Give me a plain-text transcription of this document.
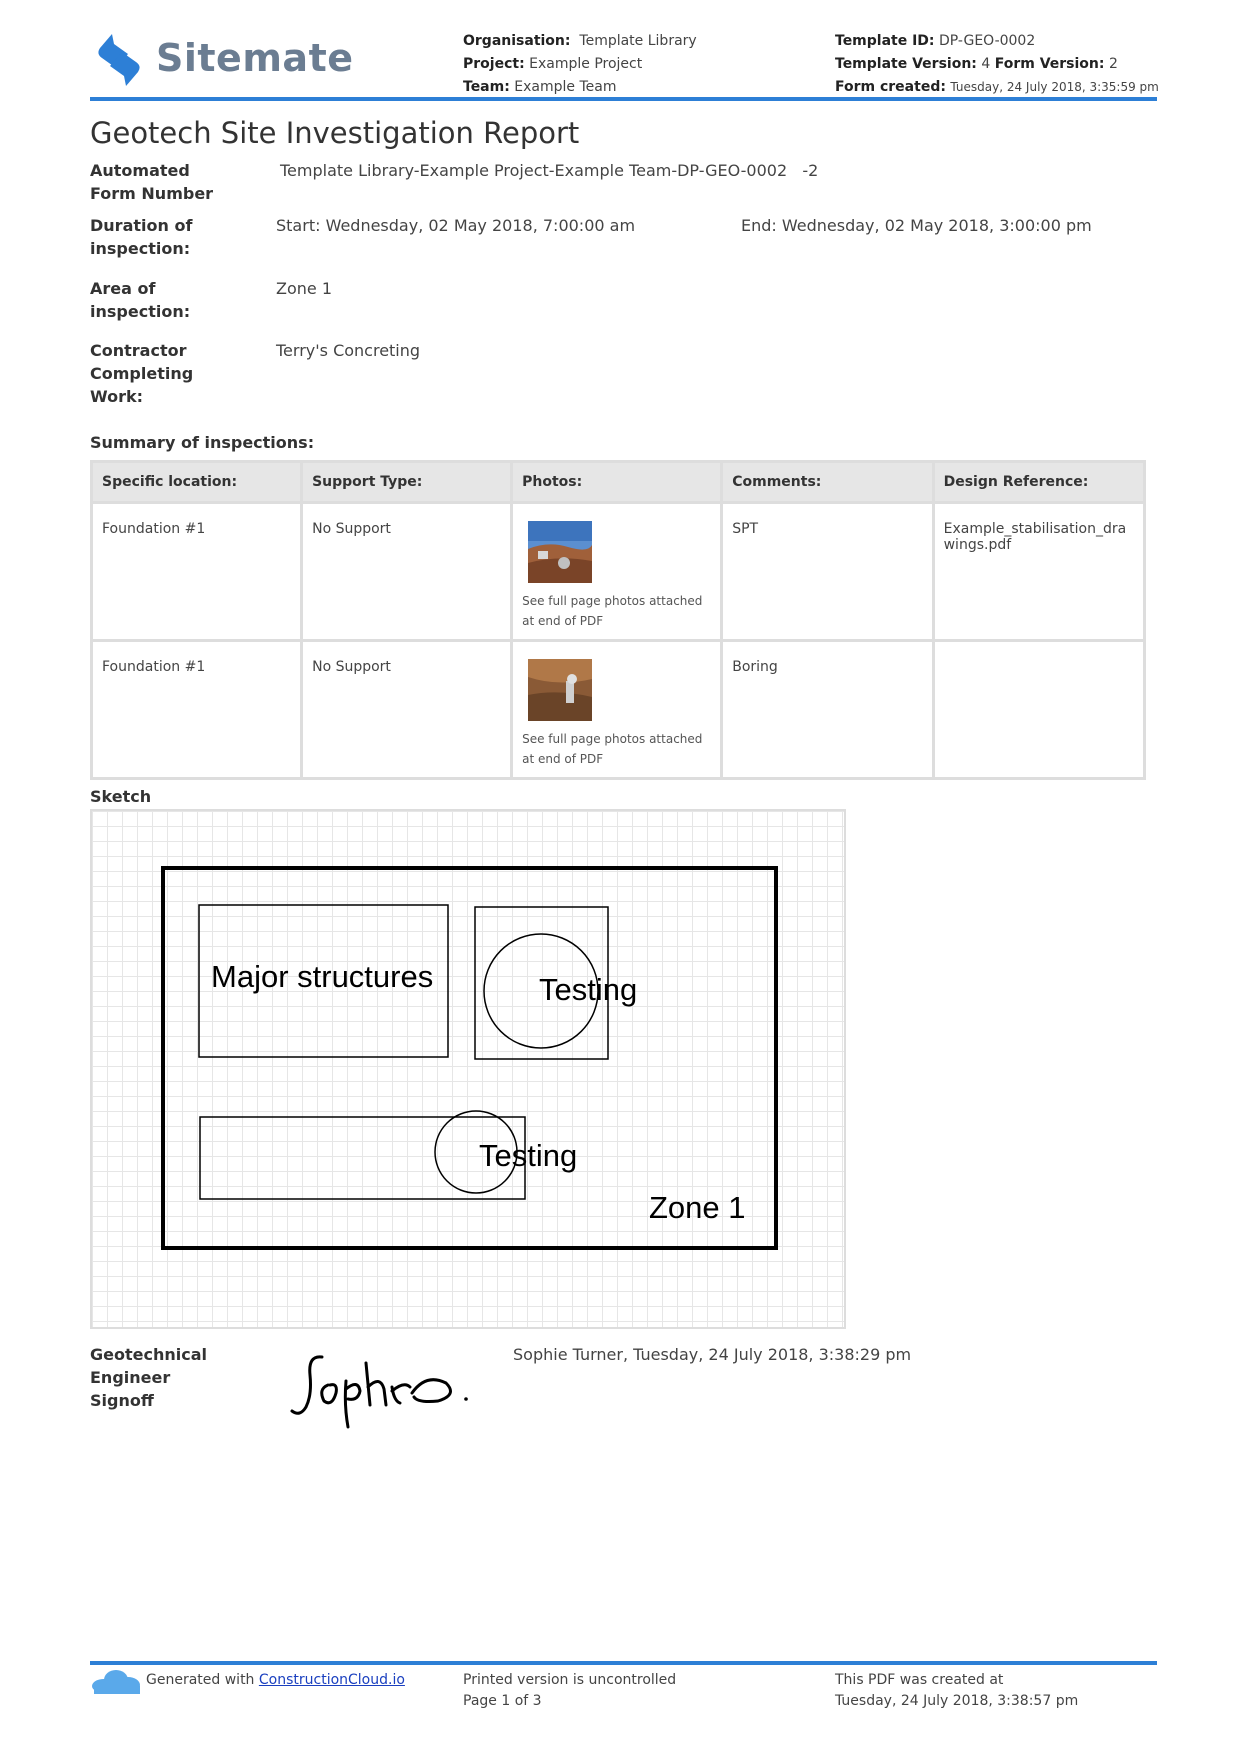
Sitemate	Organisation: Template Library
Project: Example Project
Team: Example Team
Template ID: DP-GEO-0002
Template Version: 4 Form Version: 2
Form created: Tuesday, 24 July 2018, 3:35:59 pm
Geotech Site Investigation Report
Automated Form Number
Template Library-Example Project-Example Team-DP-GEO-0002   -2
Duration of inspection:
Start: Wednesday, 02 May 2018, 7:00:00 am	End: Wednesday, 02 May 2018, 3:00:00 pm
Area of inspection:
Zone 1
Contractor Completing Work:
Terry's Concreting
Summary of inspections:
Specific location:	Support Type:	Photos:	Comments:	Design Reference:
Foundation #1	No Support	See full page photos attached at end of PDF	SPT	Example_stabilisation_drawings.pdf
Foundation #1	No Support	See full page photos attached at end of PDF	Boring	
Sketch
Major structures	Testing
Testing
Zone 1
Geotechnical Engineer Signoff
Sophie Turner, Tuesday, 24 July 2018, 3:38:29 pm
Generated with ConstructionCloud.io	Printed version is uncontrolled
Page 1 of 3
This PDF was created at
Tuesday, 24 July 2018, 3:38:57 pm
